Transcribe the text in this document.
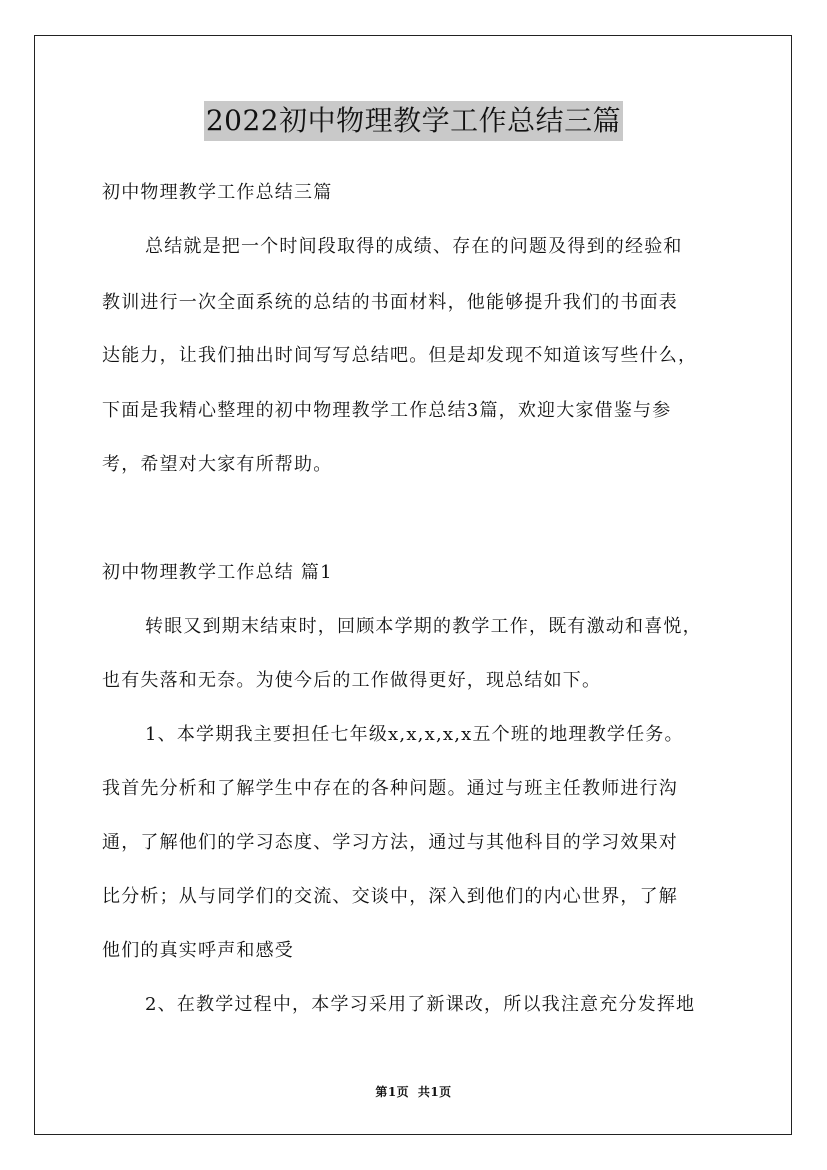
2022初中物理教学工作总结三篇
初中物理教学工作总结三篇
总结就是把一个时间段取得的成绩、存在的问题及得到的经验和
教训进行一次全面系统的总结的书面材料，他能够提升我们的书面表
达能力，让我们抽出时间写写总结吧。但是却发现不知道该写些什么，
下面是我精心整理的初中物理教学工作总结3篇，欢迎大家借鉴与参
考，希望对大家有所帮助。
初中物理教学工作总结 篇1
转眼又到期末结束时，回顾本学期的教学工作，既有激动和喜悦，
也有失落和无奈。为使今后的工作做得更好，现总结如下。
1、本学期我主要担任七年级x,x,x,x,x五个班的地理教学任务。
我首先分析和了解学生中存在的各种问题。通过与班主任教师进行沟
通，了解他们的学习态度、学习方法，通过与其他科目的学习效果对
比分析；从与同学们的交流、交谈中，深入到他们的内心世界，了解
他们的真实呼声和感受
2、在教学过程中，本学习采用了新课改，所以我注意充分发挥地
第1页 共1页
